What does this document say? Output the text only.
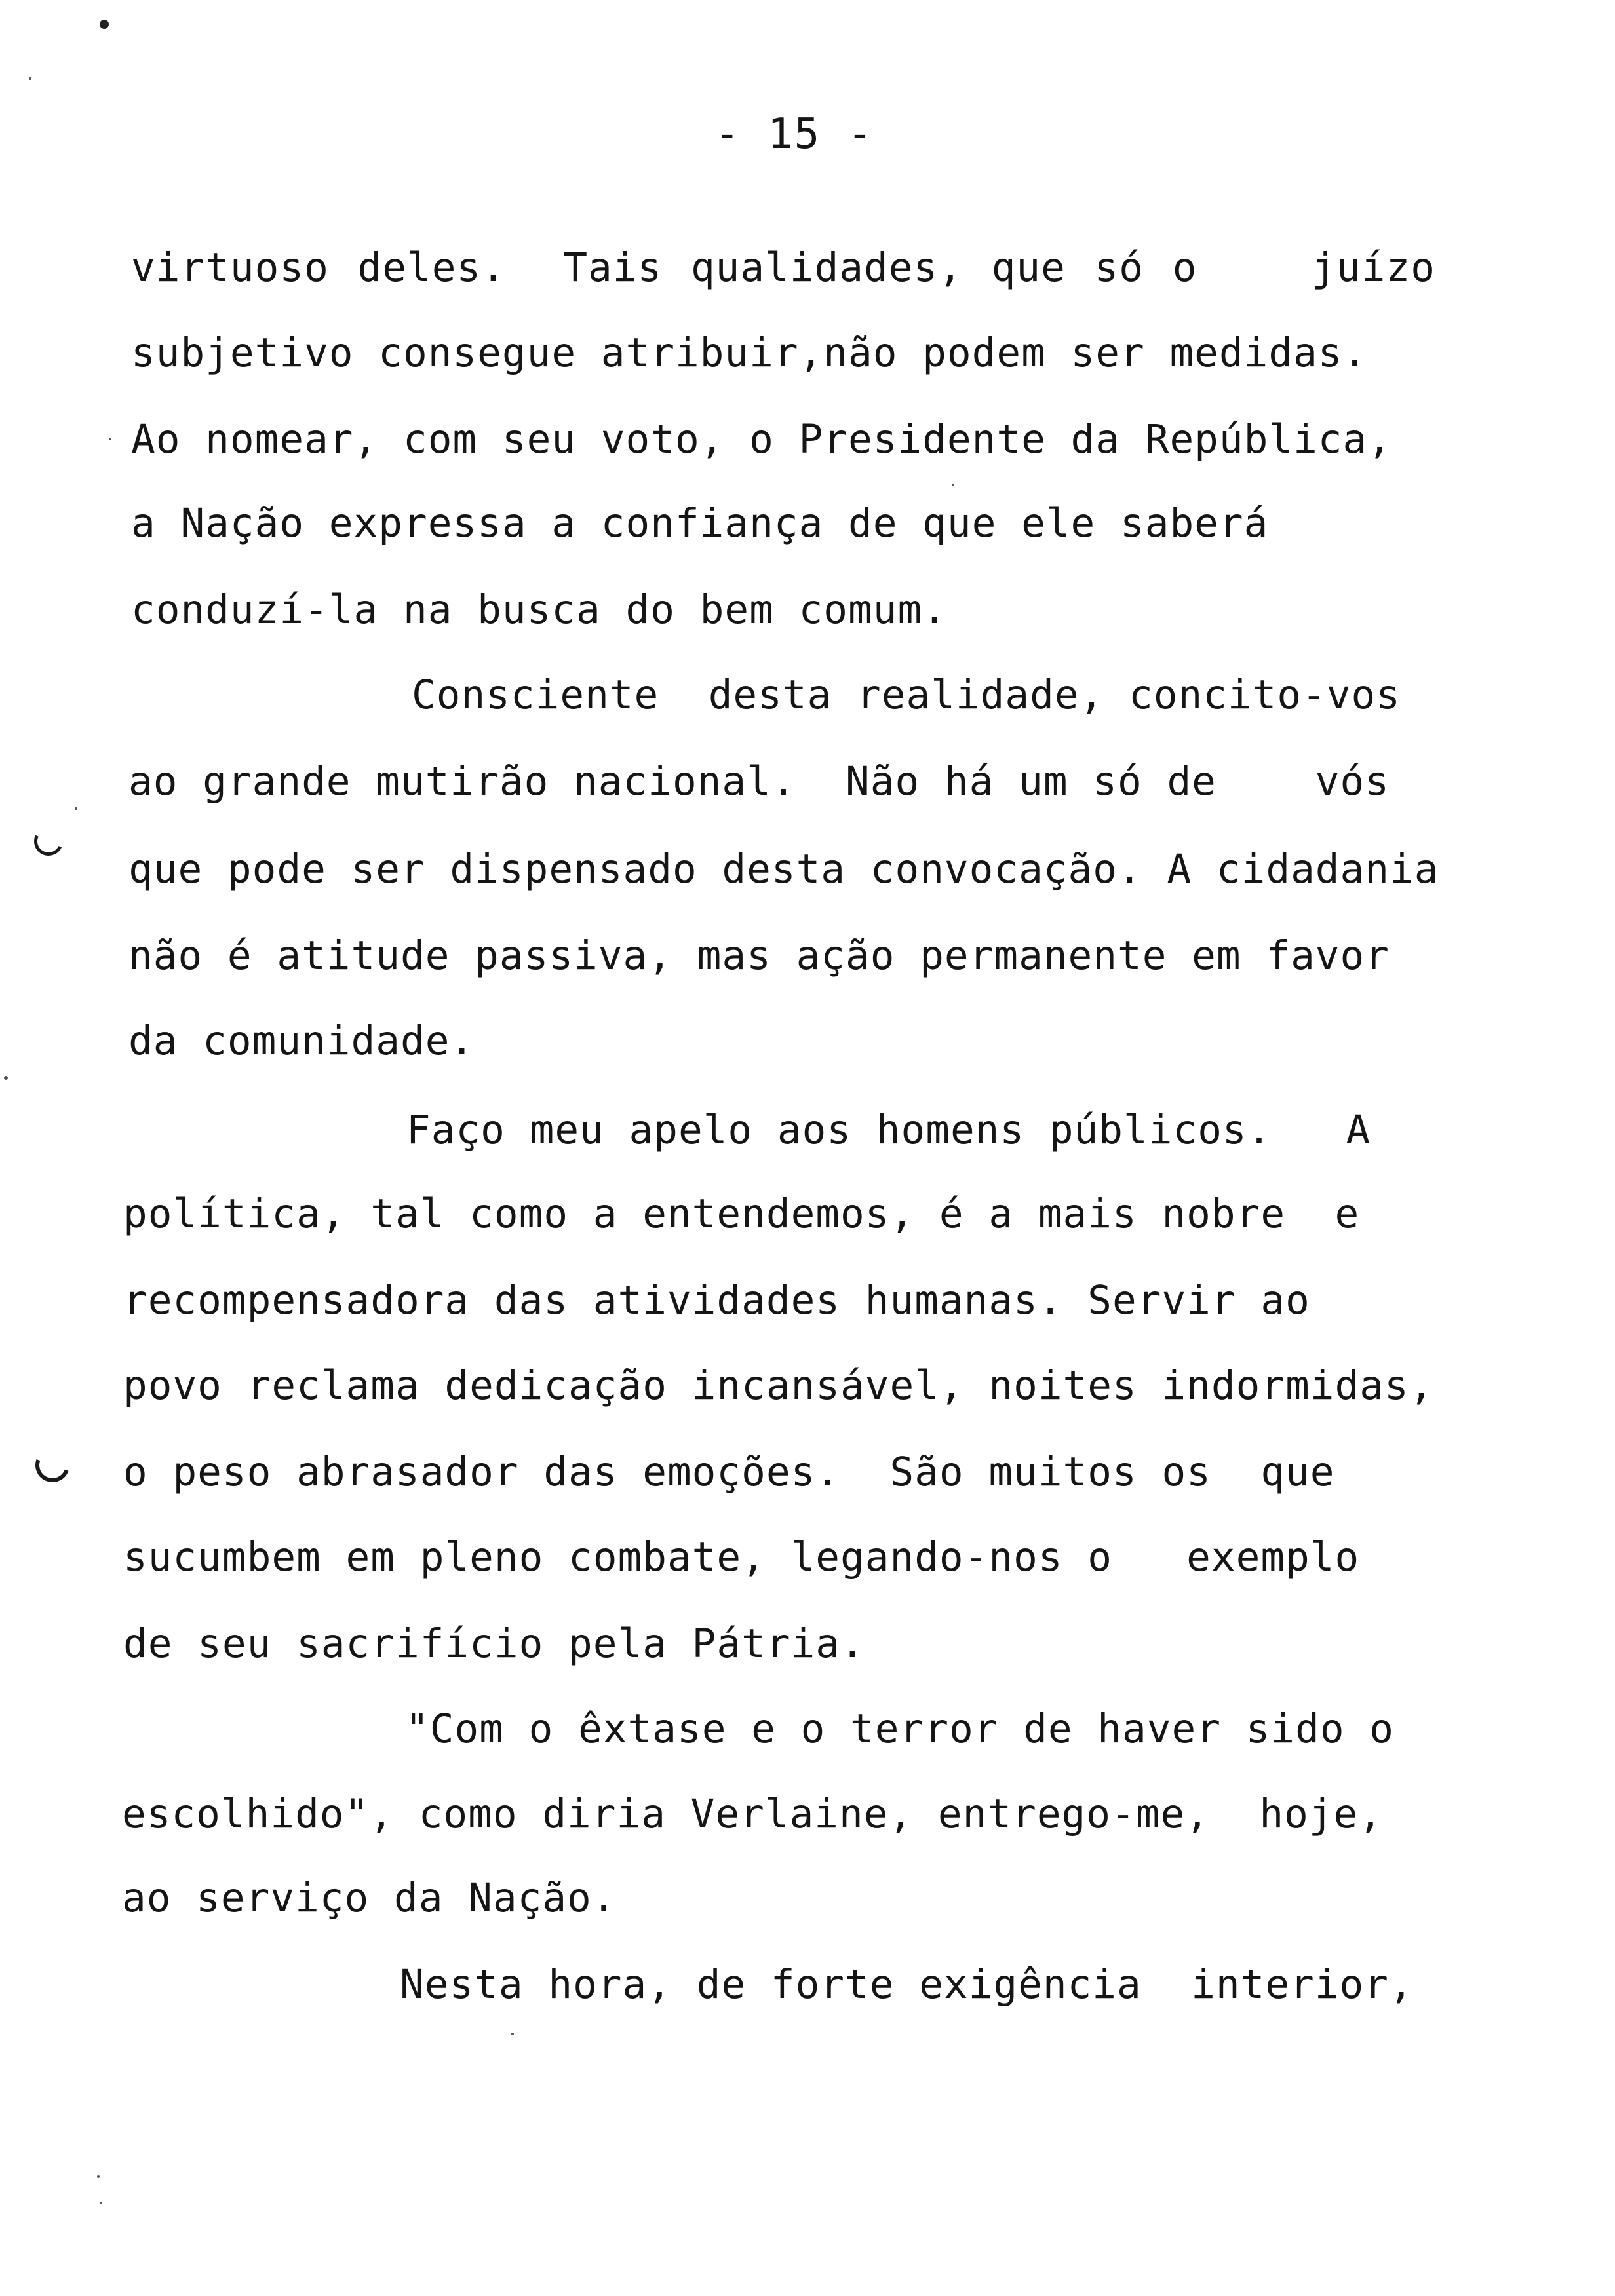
- 15 -
virtuoso deles.  Tais qualidades, que só o    juízo
subjetivo consegue atribuir,não podem ser medidas.
Ao nomear, com seu voto, o Presidente da República,
a Nação expressa a confiança de que ele saberá
conduzí-la na busca do bem comum.
Consciente  desta realidade, concito-vos
ao grande mutirão nacional.  Não há um só de    vós
que pode ser dispensado desta convocação. A cidadania
não é atitude passiva, mas ação permanente em favor
da comunidade.
Faço meu apelo aos homens públicos.   A
política, tal como a entendemos, é a mais nobre  e
recompensadora das atividades humanas. Servir ao
povo reclama dedicação incansável, noites indormidas,
o peso abrasador das emoções.  São muitos os  que
sucumbem em pleno combate, legando-nos o   exemplo
de seu sacrifício pela Pátria.
"Com o êxtase e o terror de haver sido o
escolhido", como diria Verlaine, entrego-me,  hoje,
ao serviço da Nação.
Nesta hora, de forte exigência  interior,
